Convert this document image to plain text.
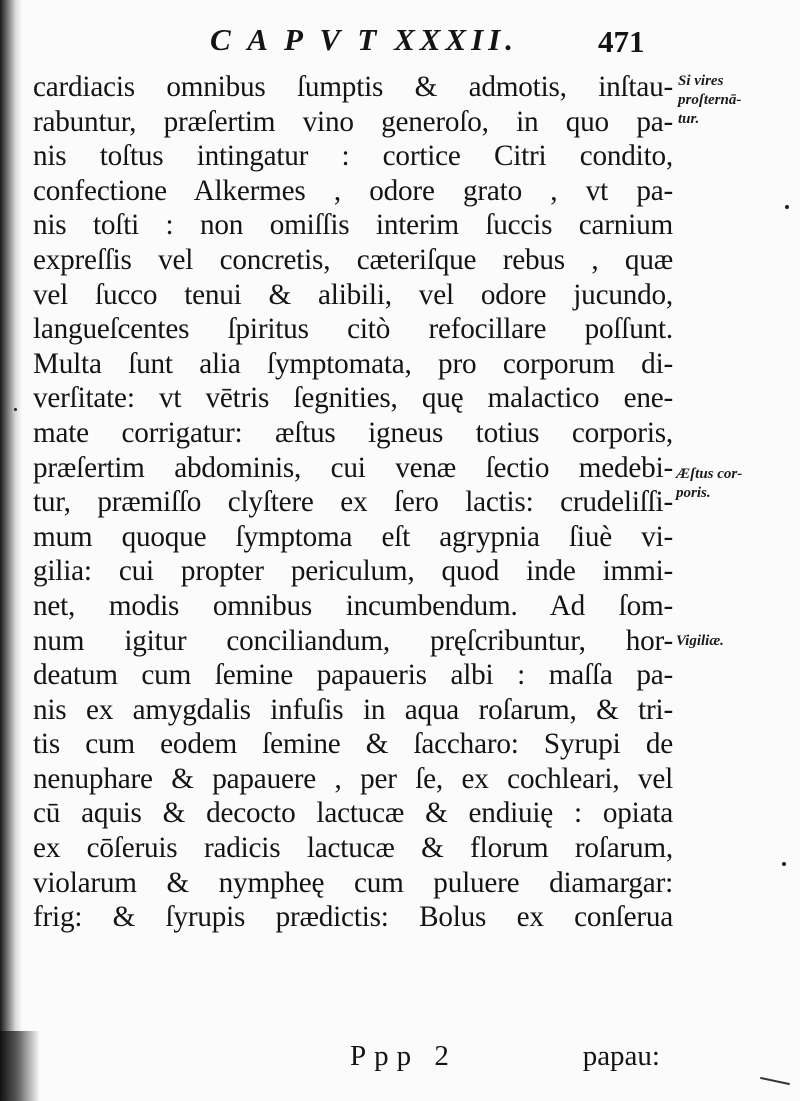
C A P V T XXXII.	471
cardiacis omnibus ſumptis & admotis, inſtau-
rabuntur, præſertim vino generoſo, in quo pa-
nis toſtus intingatur : cortice Citri condito,
confectione Alkermes , odore grato , vt pa-
nis toſti : non omiſſis interim ſuccis carnium
expreſſis vel concretis, cæteriſque rebus , quæ
vel ſucco tenui & alibili, vel odore jucundo,
langueſcentes ſpiritus citò refocillare poſſunt.
Multa ſunt alia ſymptomata, pro corporum di-
verſitate: vt vētris ſegnities, quę malactico ene-
mate corrigatur: æſtus igneus totius corporis,
præſertim abdominis, cui venæ ſectio medebi-
tur, præmiſſo clyſtere ex ſero lactis: crudeliſſi-
mum quoque ſymptoma eſt agrypnia ſiuè vi-
gilia: cui propter periculum, quod inde immi-
net, modis omnibus incumbendum. Ad ſom-
num igitur conciliandum, pręſcribuntur, hor-
deatum cum ſemine papaueris albi : maſſa pa-
nis ex amygdalis infuſis in aqua roſarum, & tri-
tis cum eodem ſemine & ſaccharo: Syrupi de
nenuphare & papauere , per ſe, ex cochleari, vel
cū aquis & decocto lactucæ & endiuię : opiata
ex cōſeruis radicis lactucæ & florum roſarum,
violarum & nympheę cum puluere diamargar:
frig: & ſyrupis prædictis: Bolus ex conſerua
Si vires
proſternā-
tur.
Æſtus cor-
poris.
Vigiliæ.
Ppp 2	papau:
